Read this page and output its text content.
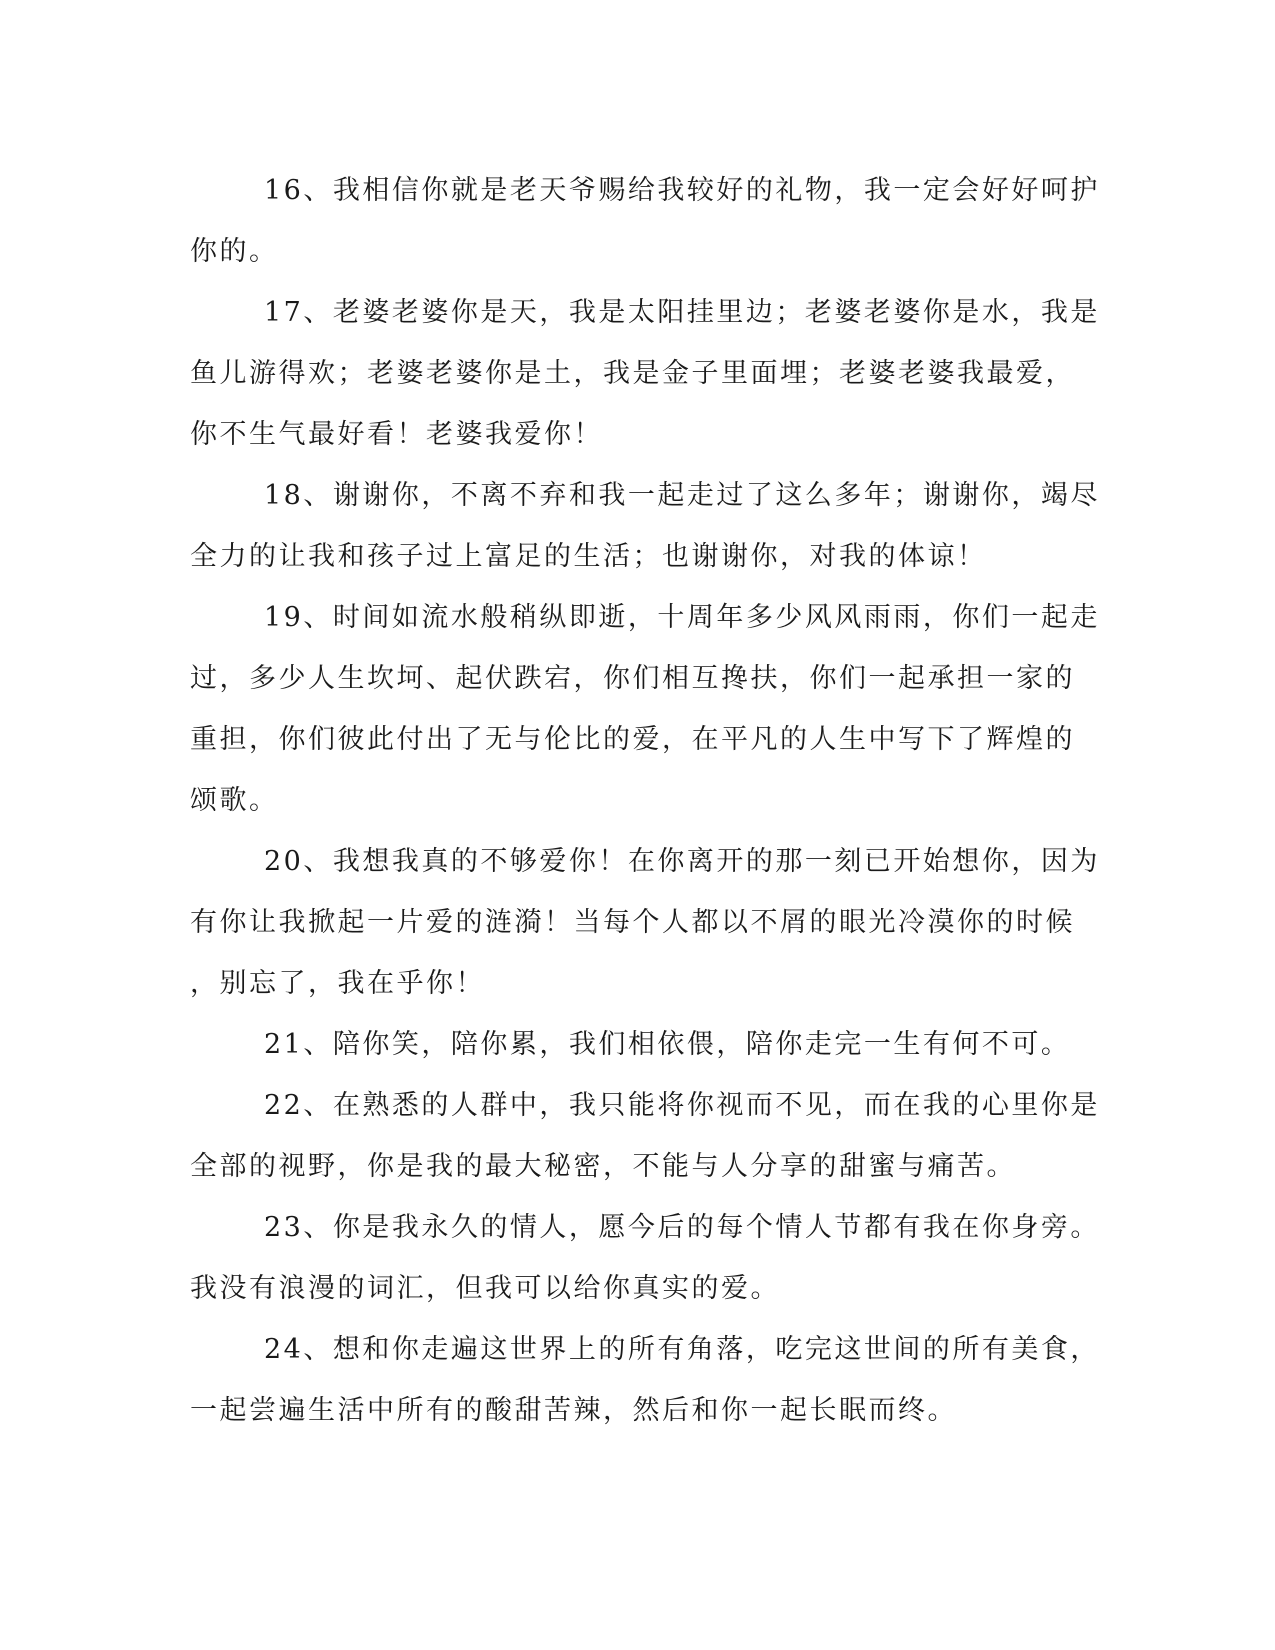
16、我相信你就是老天爷赐给我较好的礼物，我一定会好好呵护
你的。
17、老婆老婆你是天，我是太阳挂里边；老婆老婆你是水，我是
鱼儿游得欢；老婆老婆你是土，我是金子里面埋；老婆老婆我最爱，
你不生气最好看！老婆我爱你！
18、谢谢你，不离不弃和我一起走过了这么多年；谢谢你，竭尽
全力的让我和孩子过上富足的生活；也谢谢你，对我的体谅！
19、时间如流水般稍纵即逝，十周年多少风风雨雨，你们一起走
过，多少人生坎坷、起伏跌宕，你们相互搀扶，你们一起承担一家的
重担，你们彼此付出了无与伦比的爱，在平凡的人生中写下了辉煌的
颂歌。
20、我想我真的不够爱你！在你离开的那一刻已开始想你，因为
有你让我掀起一片爱的涟漪！当每个人都以不屑的眼光冷漠你的时候
，别忘了，我在乎你！
21、陪你笑，陪你累，我们相依偎，陪你走完一生有何不可。
22、在熟悉的人群中，我只能将你视而不见，而在我的心里你是
全部的视野，你是我的最大秘密，不能与人分享的甜蜜与痛苦。
23、你是我永久的情人，愿今后的每个情人节都有我在你身旁。
我没有浪漫的词汇，但我可以给你真实的爱。
24、想和你走遍这世界上的所有角落，吃完这世间的所有美食，
一起尝遍生活中所有的酸甜苦辣，然后和你一起长眠而终。
